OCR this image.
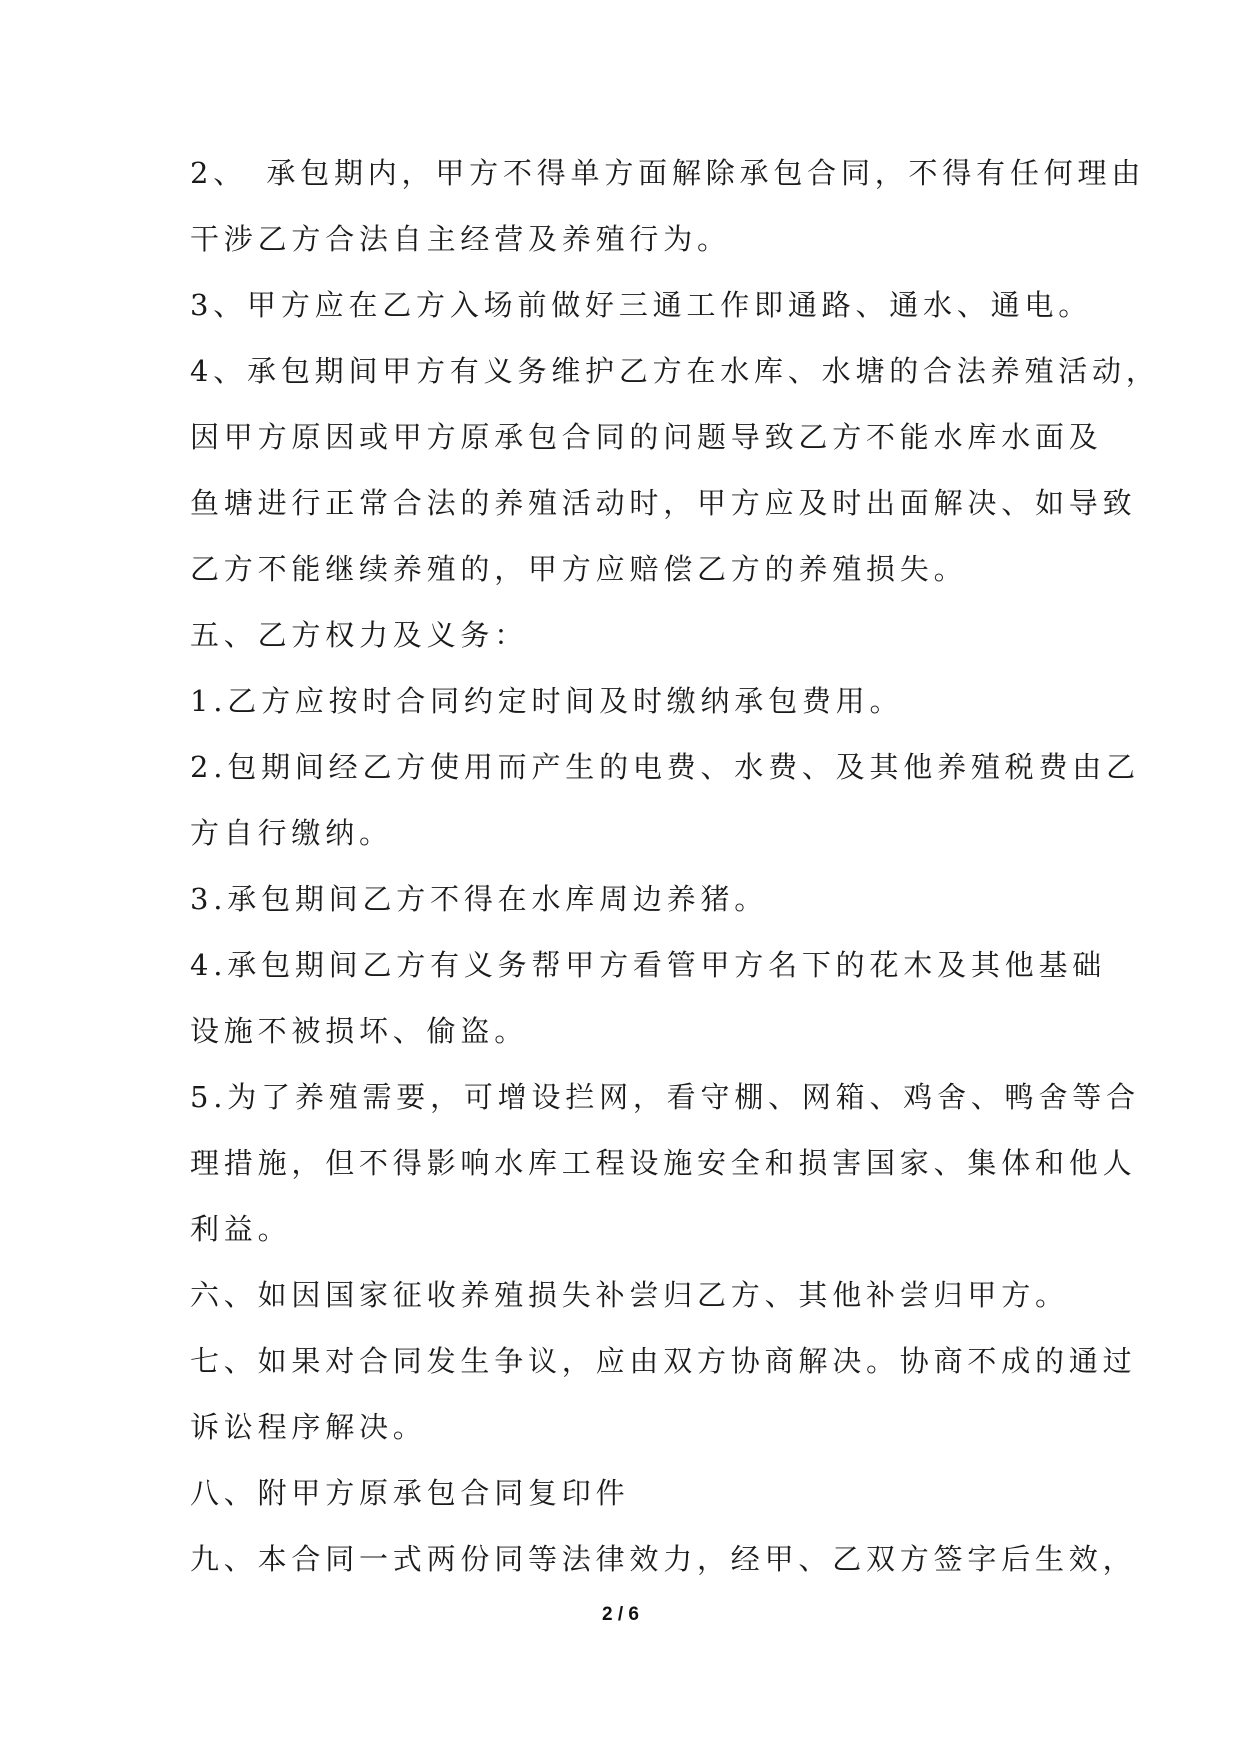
2、　承包期内，甲方不得单方面解除承包合同，不得有任何理由
干涉乙方合法自主经营及养殖行为。
3、甲方应在乙方入场前做好三通工作即通路、通水、通电。
4、承包期间甲方有义务维护乙方在水库、水塘的合法养殖活动，
因甲方原因或甲方原承包合同的问题导致乙方不能水库水面及
鱼塘进行正常合法的养殖活动时，甲方应及时出面解决、如导致
乙方不能继续养殖的，甲方应赔偿乙方的养殖损失。
五、乙方权力及义务：
1.乙方应按时合同约定时间及时缴纳承包费用。
2.包期间经乙方使用而产生的电费、水费、及其他养殖税费由乙
方自行缴纳。
3.承包期间乙方不得在水库周边养猪。
4.承包期间乙方有义务帮甲方看管甲方名下的花木及其他基础
设施不被损坏、偷盗。
5.为了养殖需要，可增设拦网，看守棚、网箱、鸡舍、鸭舍等合
理措施，但不得影响水库工程设施安全和损害国家、集体和他人
利益。
六、如因国家征收养殖损失补尝归乙方、其他补尝归甲方。
七、如果对合同发生争议，应由双方协商解决。协商不成的通过
诉讼程序解决。
八、附甲方原承包合同复印件
九、本合同一式两份同等法律效力，经甲、乙双方签字后生效，
2 / 6
